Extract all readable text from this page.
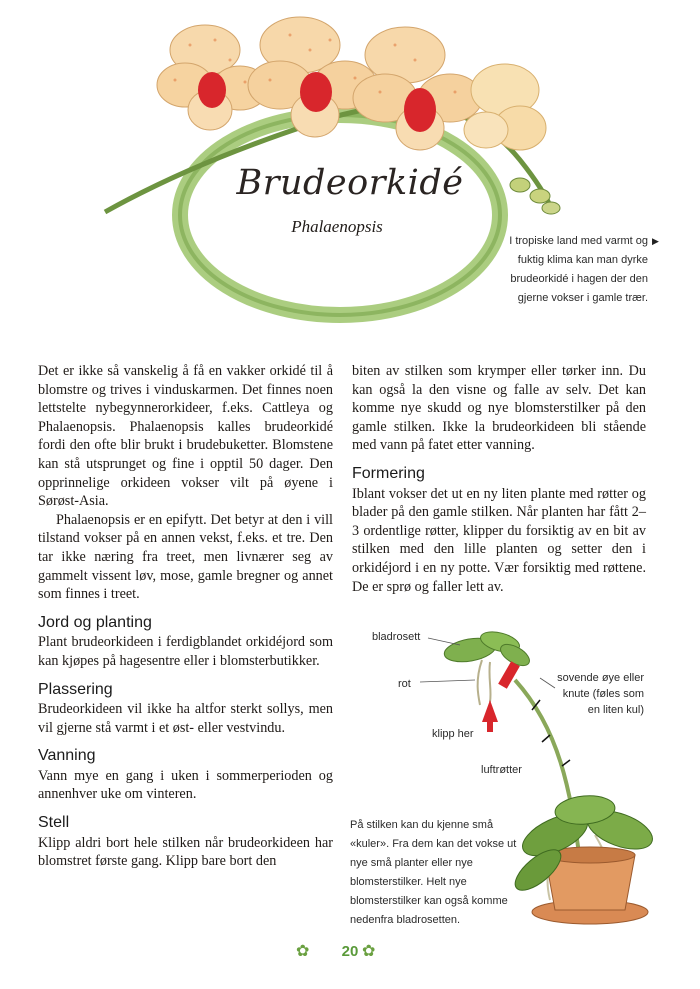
Brudeorkidé
Phalaenopsis
I tropiske land med varmt og fuktig klima kan man dyrke brudeorkidé i hagen der den gjerne vokser i gamle trær.
▶

Det er ikke så vanskelig å få en vakker orkidé til å blomstre og trives i vinduskarmen. Det finnes noen lettstelte nybegynnerorkideer, f.eks. Cattleya og Phalaenopsis. Phalaenopsis kalles brudeorkidé fordi den ofte blir brukt i brudebuketter. Blomstene kan stå utsprunget og fine i opptil 50 dager. Den opprinnelige orkideen vokser vilt på øyene i Sørøst-Asia.

Phalaenopsis er en epifytt. Det betyr at den i vill tilstand vokser på en annen vekst, f.eks. et tre. Den tar ikke næring fra treet, men livnærer seg av gammelt vissent løv, mose, gamle bregner og annet som finnes i treet.

Jord og planting

Plant brudeorkideen i ferdigblandet orkidéjord som kan kjøpes på hagesentre eller i blomsterbutikker.

Plassering

Brudeorkideen vil ikke ha altfor sterkt sollys, men vil gjerne stå varmt i et øst- eller vestvindu.

Vanning

Vann mye en gang i uken i sommerperioden og annenhver uke om vinteren.

Stell

Klipp aldri bort hele stilken når brudeorkideen har blomstret første gang. Klipp bare bort den

biten av stilken som krymper eller tørker inn. Du kan også la den visne og falle av selv. Det kan komme nye skudd og nye blomsterstilker på den gamle stilken. Ikke la brudeorkideen bli stående med vann på fatet etter vanning.

Formering

Iblant vokser det ut en ny liten plante med røtter og blader på den gamle stilken. Når planten har fått 2–3 ordentlige røtter, klipper du forsiktig av en bit av stilken med den lille planten og setter den i orkidéjord i en ny potte. Vær forsiktig med røttene. De er sprø og faller lett av.

bladrosett
rot	sovende øye eller knute (føles som en liten kul)
klipp her
luftrøtter
På stilken kan du kjenne små «kuler». Fra dem kan det vokse ut nye små planter eller nye blomsterstilker. Helt nye blomsterstilker kan også komme nedenfra bladrosetten.
✿	20 ✿
